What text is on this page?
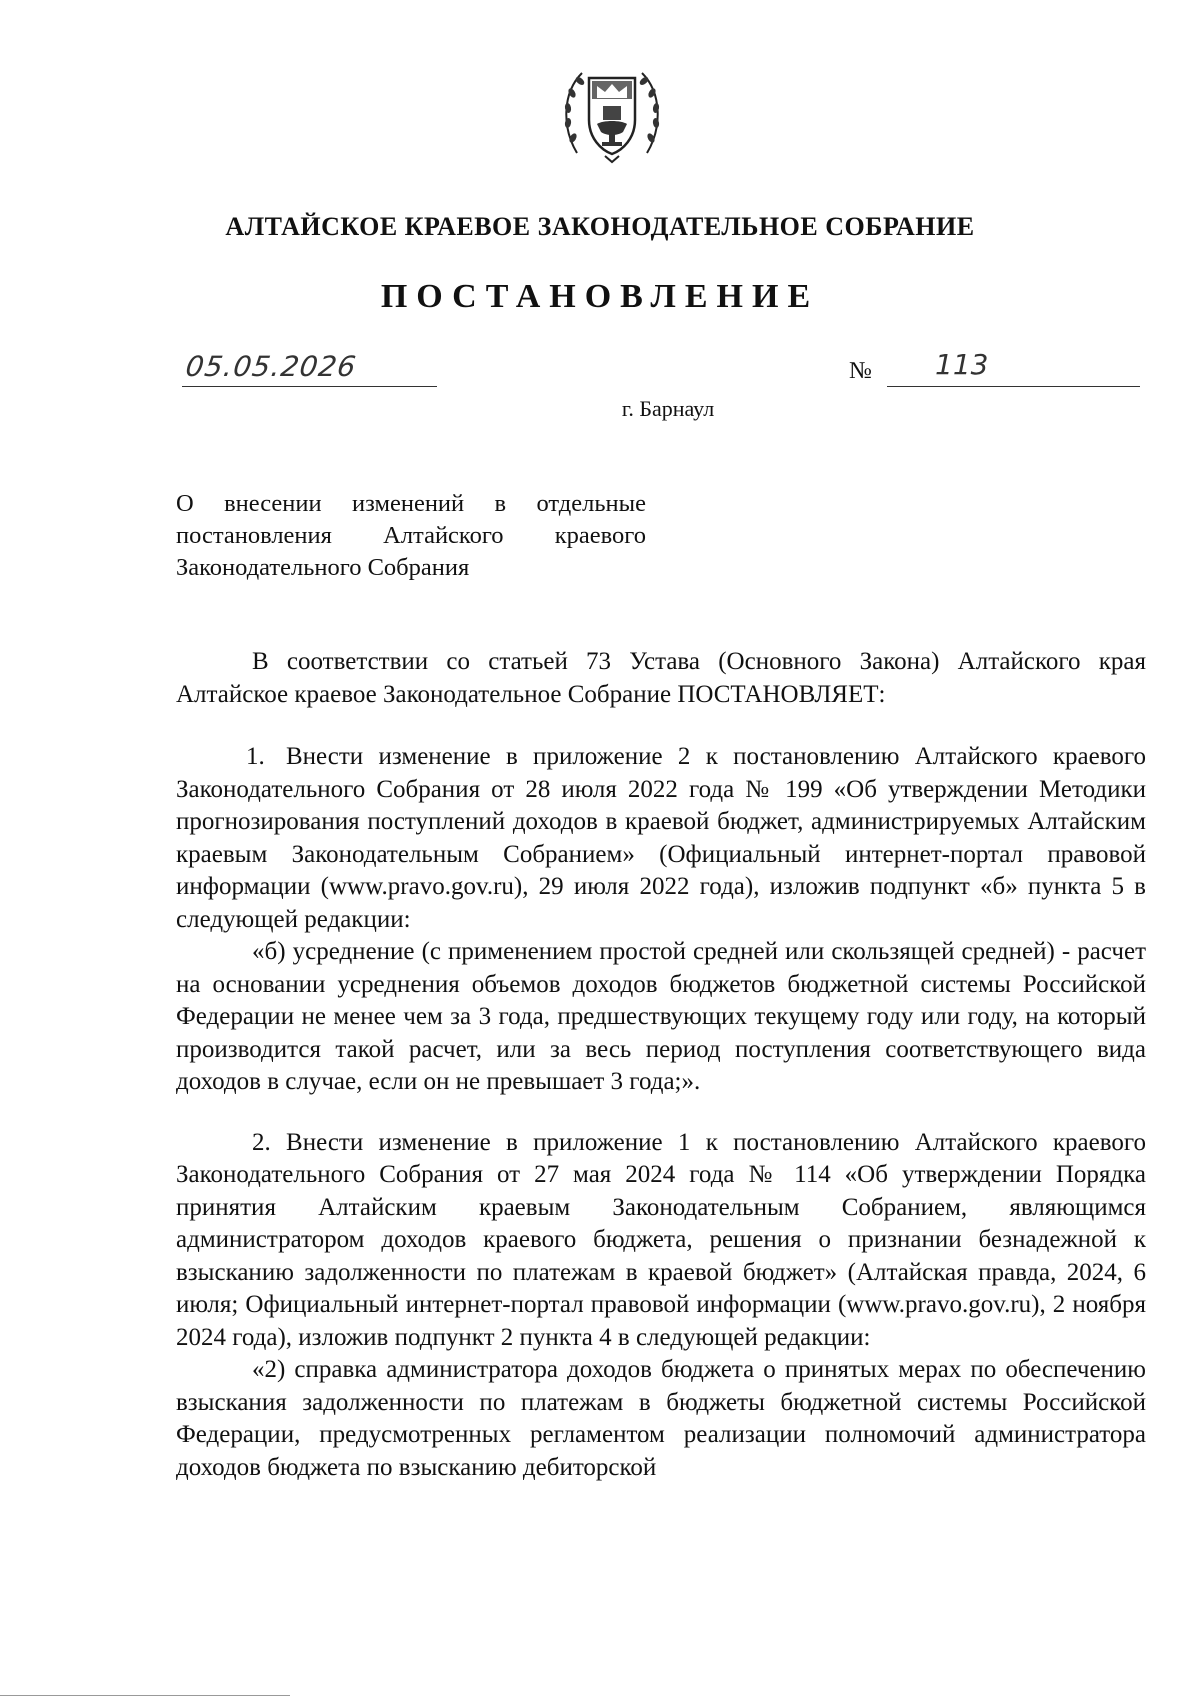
АЛТАЙСКОЕ КРАЕВОЕ ЗАКОНОДАТЕЛЬНОЕ СОБРАНИЕ
ПОСТАНОВЛЕНИЕ
05.05.2026	№ 113
г. Барнаул
О внесении изменений в отдельные
постановления Алтайского краевого
Законодательного Собрания

В соответствии со статьей 73 Устава (Основного Закона) Алтайского края Алтайское краевое Законодательное Собрание ПОСТАНОВЛЯЕТ:

1. Внести изменение в приложение 2 к постановлению Алтайского краевого Законодательного Собрания от 28 июля 2022 года № 199 «Об утверждении Методики прогнозирования поступлений доходов в краевой бюджет, администрируемых Алтайским краевым Законодательным Собранием» (Официальный интернет-портал правовой информации (www.pravo.gov.ru), 29 июля 2022 года), изложив подпункт «б» пункта 5 в следующей редакции:

«б) усреднение (с применением простой средней или скользящей средней) - расчет на основании усреднения объемов доходов бюджетов бюджетной системы Российской Федерации не менее чем за 3 года, предшествующих текущему году или году, на который производится такой расчет, или за весь период поступления соответствующего вида доходов в случае, если он не превышает 3 года;».

2. Внести изменение в приложение 1 к постановлению Алтайского краевого Законодательного Собрания от 27 мая 2024 года № 114 «Об утверждении Порядка принятия Алтайским краевым Законодательным Собранием, являющимся администратором доходов краевого бюджета, решения о признании безнадежной к взысканию задолженности по платежам в краевой бюджет» (Алтайская правда, 2024, 6 июля; Официальный интернет-портал правовой информации (www.pravo.gov.ru), 2 ноября 2024 года), изложив подпункт 2 пункта 4 в следующей редакции:

«2) справка администратора доходов бюджета о принятых мерах по обеспечению взыскания задолженности по платежам в бюджеты бюджетной системы Российской Федерации, предусмотренных регламентом реализации полномочий администратора доходов бюджета по взысканию дебиторской
